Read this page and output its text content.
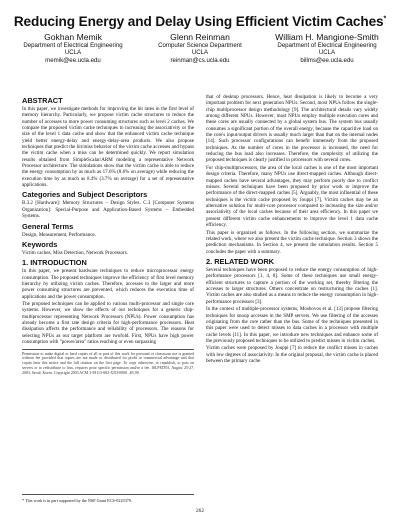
Reducing Energy and Delay Using Efficient Victim Caches*
Gokhan Memik
Department of Electrical Engineering
UCLA
memik@ee.ucla.edu
Glenn Reinman
Computer Science Department
UCLA
reinman@cs.ucla.edu
William H. Mangione-Smith
Department of Electrical Engineering
UCLA
billms@ee.ucla.edu
ABSTRACT

In this paper, we investigate methods for improving the hit rates in the first level of memory hierarchy. Particularly, we propose victim cache structures to reduce the number of accesses to more power consuming structures such as level 2 caches. We compare the proposed victim cache techniques to increasing the associativity or the size of the level 1 data cache and show that the enhanced victim cache technique yield better energy-delay and energy-delay-area products. We also propose techniques that predict the hit/miss behavior of the victim cache accesses and bypass the victim cache when a miss can be determined quickly. We report simulation results obtained from SimpleScalar/ARM modeling a representative Network Processor architecture. The simulations show that the victim cache is able to reduce the energy consumption by as much as 17.6% (8.6% on average) while reducing the execution time by as much as 8.4% (3.7% on average) for a set of representative applications.

Categories and Subject Descriptors

B.3.2 [Hardware]: Memory Structures – Design Styles. C.3 [Computer Systems Organization]: Special-Purpose and Application-Based Systems – Embedded Systems.

General Terms

Design, Measurement, Performance.

Keywords

Victim caches, Miss Detection, Network Processors.

1. INTRODUCTION

In this paper, we present hardware techniques to reduce microprocessor energy consumption. The proposed techniques improve the efficiency of first level memory hierarchy by utilizing victim caches. Therefore, accesses to the larger and more power consuming structures are prevented, which reduces the execution time of applications and the power consumption.

The proposed techniques can be applied to various multi-processor and single core systems. However, we show the effects of our techniques for a generic chip-multiprocessor representing Network Processors (NPUs). Power consumption has already become a first rate design criteria for high-performance processors. Heat dissipation affects the performance and reliability of processors. The reasons for selecting NPUs as our target platform are twofold. First, NPUs have high power consumption with "power/area" ratios reaching or even surpassing

Permission to make digital or hard copies of all or part of this work for personal or classroom use is granted without fee provided that copies are not made or distributed for profit or commercial advantage and that copies bear this notice and the full citation on the first page. To copy otherwise, or republish, to post on servers or to redistribute to lists, requires prior specific permission and/or a fee. ISLPED'03, August 25-27, 2003, Seoul, Korea. Copyright 2003 ACM 1-58113-682-X/03/0008...$5.00.

that of desktop processors. Hence, heat dissipation is likely to become a very important problem for next generation NPUs. Second, most NPUs follow the single-chip multiprocessor design methodology [9]. The architectural details vary widely among different NPUs. However, most NPUs employ multiple execution cores and these cores are usually connected by a global system bus. The system bus usually consumes a significant portion of the overall energy, because the capacitive load on the core's input/output drivers is usually much larger than that on the internal nodes [14]. Such processor configurations can benefit immensely from the proposed techniques. As the number of cores in the processor is increased, the need for reducing the bus load also increases. Therefore, the complexity of utilizing the proposed techniques is clearly justified in processors with several cores.

For chip-multiprocessors, the area of the local caches is one of the most important design criteria. Therefore, many NPUs use direct-mapped caches. Although direct-mapped caches have several advantages, they may perform poorly due to conflict misses. Several techniques have been proposed by prior work to improve the performance of the direct-mapped caches [5]. Arguably, the most influential of these techniques is the victim cache proposed by Jouppi [7]. Victim caches may be an alternative solution for multi-core processor compared to increasing the size and/or associativity of the local caches because of their area efficiency. In this paper we present different victim cache enhancements to improve the level 1 data cache efficiency.

This paper is organized as follows. In the following section, we summarize the related work, where we also present the victim cache technique. Section 3 shows the prediction mechanisms. In Section 4, we present the simulation results. Section 5 concludes the paper with a summary.

2. RELATED WORK

Several techniques have been proposed to reduce the energy consumption of high-performance processors [1, 4, 8]. Some of these techniques use small energy-efficient structures to capture a portion of the working set, thereby filtering the accesses to larger structures. Others concentrate on restructuring the caches [1]. Victim caches are also studied as a means to reduce the energy consumption in high-performance processors [3].

In the context of multiple-processor systems, Moshovos et al. [13] propose filtering techniques for snoop accesses in the SMP servers. We use filtering of the accesses originating from the core rather than the bus. Some of the techniques presented in this paper were used to detect misses to data caches in a processor with multiple cache levels [11]. In this paper, we introduce new techniques and enhance some of the previously proposed techniques to be utilized to predict misses in victim caches.

Victim caches were proposed by Jouppi [7] to reduce the conflict misses in caches with low degrees of associativity. In the original proposal, the victim cache is placed between the primary cache

* This work is in part supported by the NSF Grant ECS-0223379.
262
